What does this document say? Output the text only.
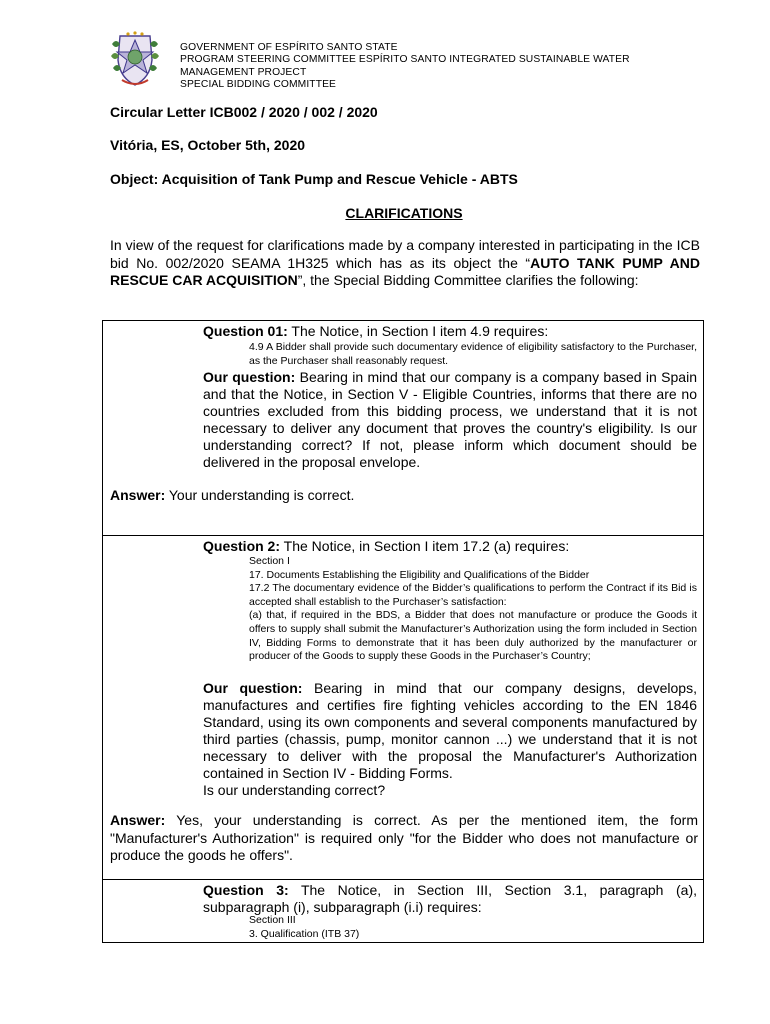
GOVERNMENT OF ESPÍRITO SANTO STATE
PROGRAM STEERING COMMITTEE ESPÍRITO SANTO INTEGRATED SUSTAINABLE WATER
MANAGEMENT PROJECT
SPECIAL BIDDING COMMITTEE
Circular Letter ICB002 / 2020 / 002 / 2020
Vitória, ES, October 5th, 2020
Object: Acquisition of Tank Pump and Rescue Vehicle - ABTS
CLARIFICATIONS
In view of the request for clarifications made by a company interested in participating in the ICB bid No. 002/2020 SEAMA 1H325 which has as its object the “AUTO TANK PUMP AND RESCUE CAR ACQUISITION”, the Special Bidding Committee clarifies the following:
Question 01: The Notice, in Section I item 4.9 requires:
4.9 A Bidder shall provide such documentary evidence of eligibility satisfactory to the Purchaser, as the Purchaser shall reasonably request.
Our question: Bearing in mind that our company is a company based in Spain and that the Notice, in Section V - Eligible Countries, informs that there are no countries excluded from this bidding process, we understand that it is not necessary to deliver any document that proves the country's eligibility. Is our understanding correct? If not, please inform which document should be delivered in the proposal envelope.
Answer: Your understanding is correct.
Question 2: The Notice, in Section I item 17.2 (a) requires:
Section I
17. Documents Establishing the Eligibility and Qualifications of the Bidder
17.2 The documentary evidence of the Bidder’s qualifications to perform the Contract if its Bid is accepted shall establish to the Purchaser’s satisfaction:
(a) that, if required in the BDS, a Bidder that does not manufacture or produce the Goods it offers to supply shall submit the Manufacturer’s Authorization using the form included in Section IV, Bidding Forms to demonstrate that it has been duly authorized by the manufacturer or producer of the Goods to supply these Goods in the Purchaser’s Country;
Our question: Bearing in mind that our company designs, develops, manufactures and certifies fire fighting vehicles according to the EN 1846 Standard, using its own components and several components manufactured by third parties (chassis, pump, monitor cannon ...) we understand that it is not necessary to deliver with the proposal the Manufacturer's Authorization contained in Section IV - Bidding Forms.
Is our understanding correct?
Answer: Yes, your understanding is correct. As per the mentioned item, the form "Manufacturer's Authorization" is required only "for the Bidder who does not manufacture or produce the goods he offers".
Question 3: The Notice, in Section III, Section 3.1, paragraph (a), subparagraph (i), subparagraph (i.i) requires:
Section III
3. Qualification (ITB 37)
